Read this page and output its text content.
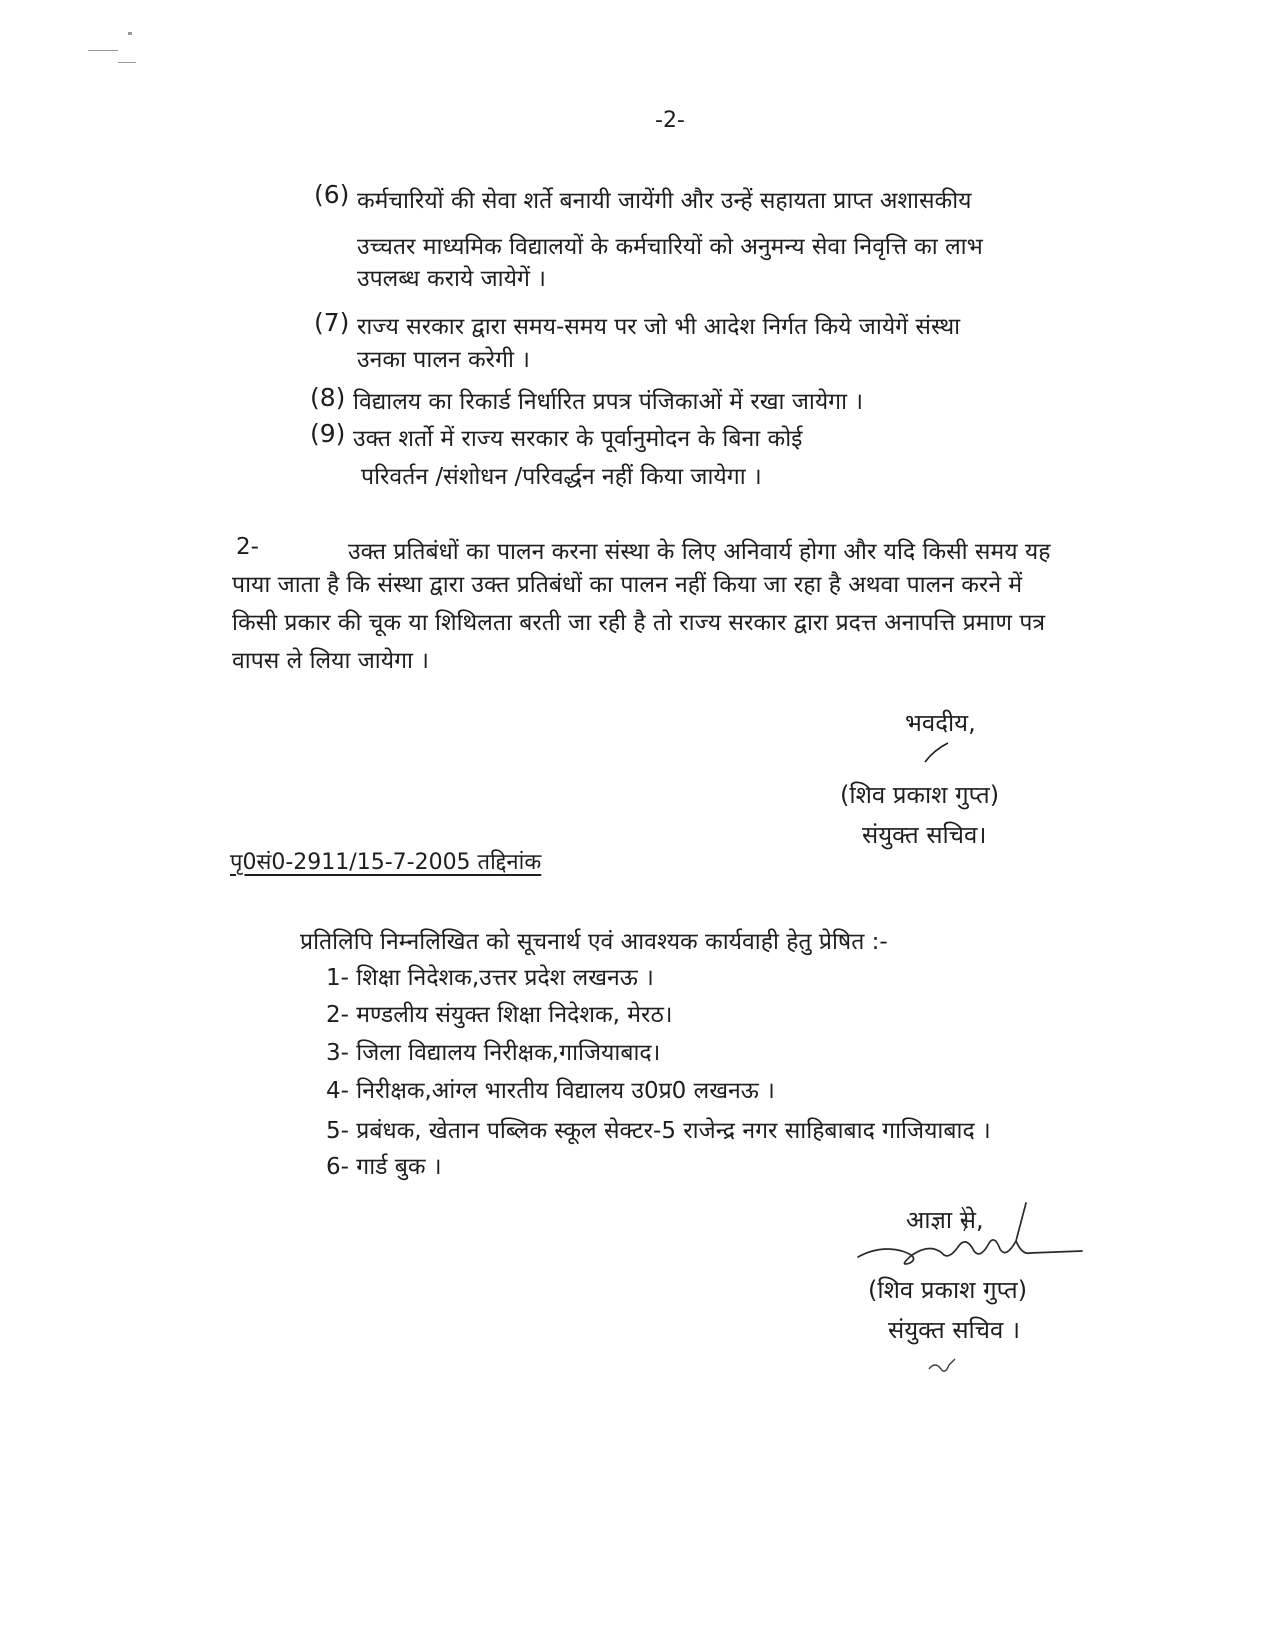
-2-
(6) कर्मचारियों की सेवा शर्ते बनायी जायेंगी और उन्हें सहायता प्राप्त अशासकीय
उच्चतर माध्यमिक विद्यालयों के कर्मचारियों को अनुमन्य सेवा निवृत्ति का लाभ
उपलब्ध कराये जायेगें ।
(7) राज्य सरकार द्वारा समय-समय पर जो भी आदेश निर्गत किये जायेगें संस्था
उनका पालन करेगी ।
(8) विद्यालय का रिकार्ड निर्धारित प्रपत्र पंजिकाओं में रखा जायेगा ।
(9) उक्त शर्तो में राज्य सरकार के पूर्वानुमोदन के बिना कोई
परिवर्तन /संशोधन /परिवर्द्धन नहीं किया जायेगा ।
2-	उक्त प्रतिबंधों का पालन करना संस्था के लिए अनिवार्य होगा और यदि किसी समय यह
पाया जाता है कि संस्था द्वारा उक्त प्रतिबंधों का पालन नहीं किया जा रहा है अथवा पालन करने में
किसी प्रकार की चूक या शिथिलता बरती जा रही है तो राज्य सरकार द्वारा प्रदत्त अनापत्ति प्रमाण पत्र
वापस ले लिया जायेगा ।
भवदीय,
(शिव प्रकाश गुप्त)
संयुक्त सचिव।
पृ0सं0-2911/15-7-2005 तद्दिनांक
प्रतिलिपि निम्नलिखित को सूचनार्थ एवं आवश्यक कार्यवाही हेतु प्रेषित :-
1- शिक्षा निदेशक,उत्तर प्रदेश लखनऊ ।
2- मण्डलीय संयुक्त शिक्षा निदेशक, मेरठ।
3- जिला विद्यालय निरीक्षक,गाजियाबाद।
4- निरीक्षक,आंग्ल भारतीय विद्यालय उ0प्र0 लखनऊ ।
5- प्रबंधक, खेतान पब्लिक स्कूल सेक्टर-5 राजेन्द्र नगर साहिबाबाद गाजियाबाद ।
6- गार्ड बुक ।
आज्ञा से,
(शिव प्रकाश गुप्त)
संयुक्त सचिव ।
